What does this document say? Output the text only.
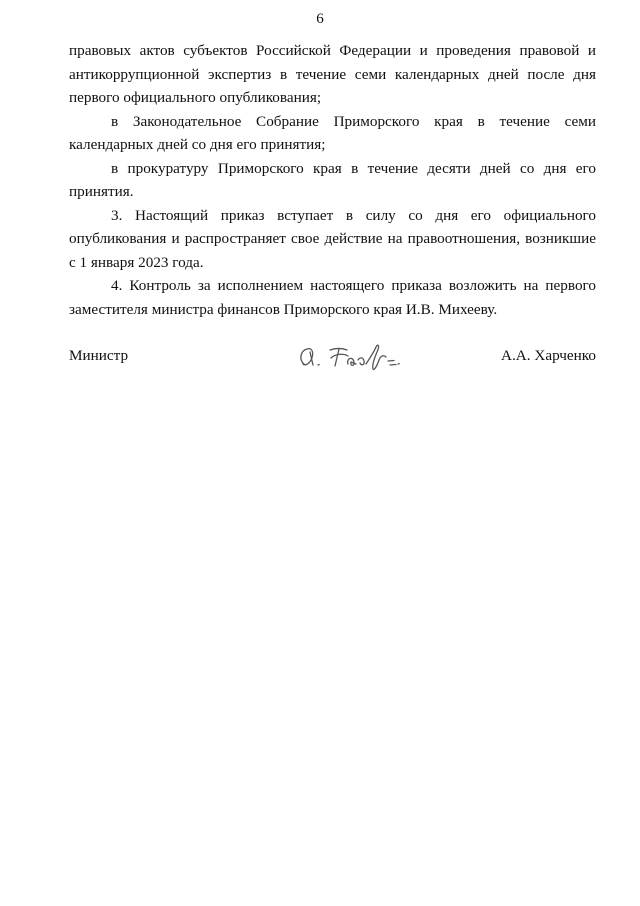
6

правовых актов субъектов Российской Федерации и проведения правовой и антикоррупционной экспертиз в течение семи календарных дней после дня первого официального опубликования;

в Законодательное Собрание Приморского края в течение семи календарных дней со дня его принятия;

в прокуратуру Приморского края в течение десяти дней со дня его принятия.

3. Настоящий приказ вступает в силу со дня его официального опубликования и распространяет свое действие на правоотношения, возникшие с 1 января 2023 года.

4. Контроль за исполнением настоящего приказа возложить на первого заместителя министра финансов Приморского края И.В. Михееву.

Министр	А.А. Харченко
